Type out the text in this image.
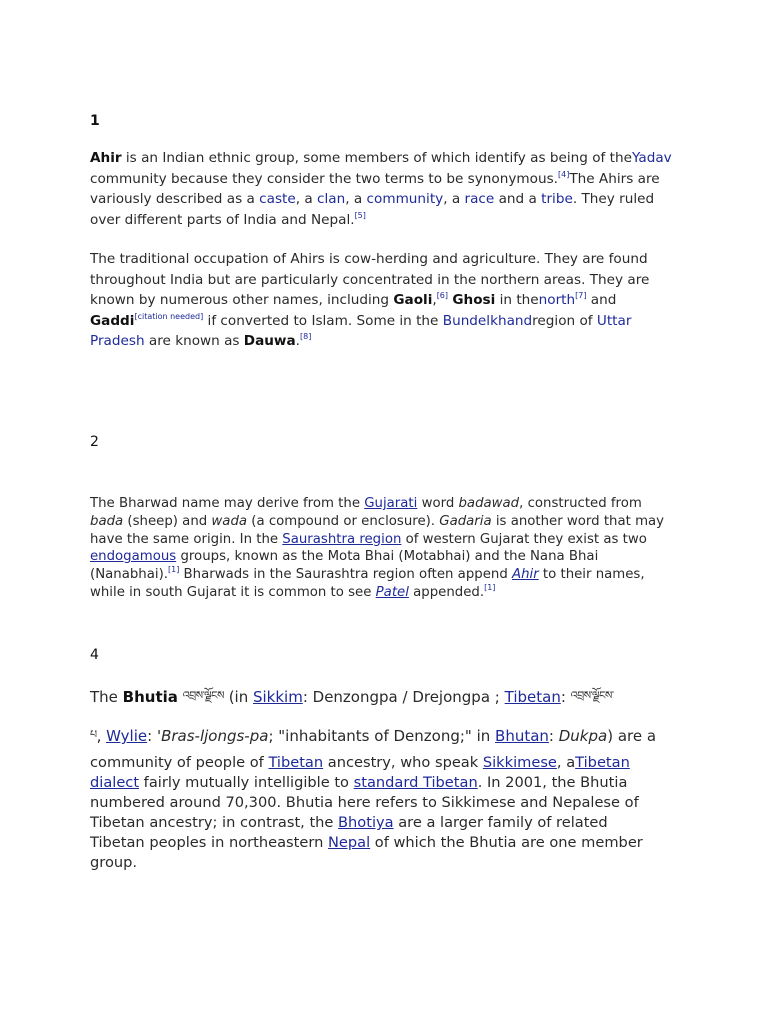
1

Ahir is an Indian ethnic group, some members of which identify as being of theYadav community because they consider the two terms to be synonymous.[4]The Ahirs are variously described as a caste, a clan, a community, a race and a tribe. They ruled over different parts of India and Nepal.[5]

The traditional occupation of Ahirs is cow-herding and agriculture. They are found throughout India but are particularly concentrated in the northern areas. They are known by numerous other names, including Gaoli,[6] Ghosi in thenorth[7] and Gaddi[citation needed] if converted to Islam. Some in the Bundelkhandregion of Uttar Pradesh are known as Dauwa.[8]

2

The Bharwad name may derive from the Gujarati word badawad, constructed from bada (sheep) and wada (a compound or enclosure). Gadaria is another word that may have the same origin. In the Saurashtra region of western Gujarat they exist as two endogamous groups, known as the Mota Bhai (Motabhai) and the Nana Bhai (Nanabhai).[1] Bharwads in the Saurashtra region often append Ahir to their names, while in south Gujarat it is common to see Patel appended.[1]

4

The Bhutia $^{འབྲས་ལྗོངས}$ (in Sikkim: Denzongpa / Drejongpa ; Tibetan: $^{འབྲས་ལྗོངས་}$

$^པ$, Wylie: 'Bras-ljongs-pa; "inhabitants of Denzong;" in Bhutan: Dukpa) are a

community of people of Tibetan ancestry, who speak Sikkimese, aTibetan dialect fairly mutually intelligible to standard Tibetan. In 2001, the Bhutia numbered around 70,300. Bhutia here refers to Sikkimese and Nepalese of Tibetan ancestry; in contrast, the Bhotiya are a larger family of related Tibetan peoples in northeastern Nepal of which the Bhutia are one member group.
